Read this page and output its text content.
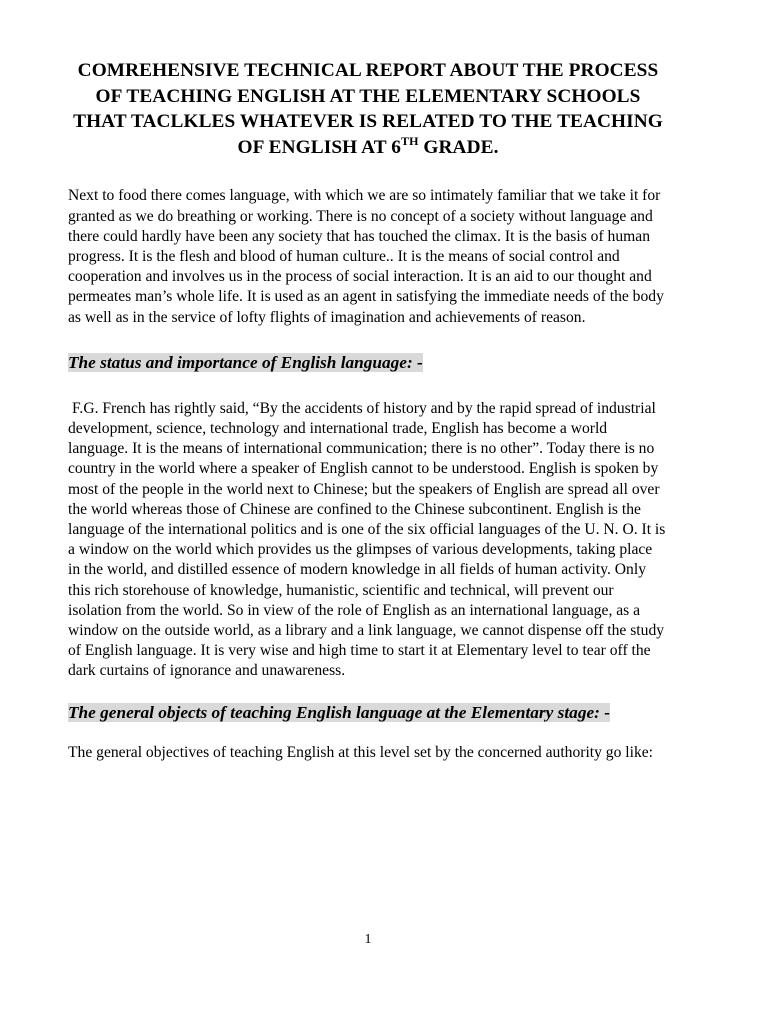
COMREHENSIVE TECHNICAL REPORT ABOUT THE PROCESS OF TEACHING ENGLISH AT THE ELEMENTARY SCHOOLS THAT TACLKLES WHATEVER IS RELATED TO THE TEACHING OF ENGLISH AT 6TH GRADE.

Next to food there comes language, with which we are so intimately familiar that we take it for granted as we do breathing or working. There is no concept of a society without language and there could hardly have been any society that has touched the climax. It is the basis of human progress. It is the flesh and blood of human culture.. It is the means of social control and cooperation and involves us in the process of social interaction. It is an aid to our thought and permeates man’s whole life. It is used as an agent in satisfying the immediate needs of the body as well as in the service of lofty flights of imagination and achievements of reason.

The status and importance of English language: -

F.G. French has rightly said, “By the accidents of history and by the rapid spread of industrial development, science, technology and international trade, English has become a world language. It is the means of international communication; there is no other”. Today there is no country in the world where a speaker of English cannot to be understood. English is spoken by most of the people in the world next to Chinese; but the speakers of English are spread all over the world whereas those of Chinese are confined to the Chinese subcontinent. English is the language of the international politics and is one of the six official languages of the U. N. O. It is a window on the world which provides us the glimpses of various developments, taking place in the world, and distilled essence of modern knowledge in all fields of human activity. Only this rich storehouse of knowledge, humanistic, scientific and technical, will prevent our isolation from the world. So in view of the role of English as an international language, as a window on the outside world, as a library and a link language, we cannot dispense off the study of English language. It is very wise and high time to start it at Elementary level to tear off the dark curtains of ignorance and unawareness.

The general objects of teaching English language at the Elementary stage: -

The general objectives of teaching English at this level set by the concerned authority go like:

1
